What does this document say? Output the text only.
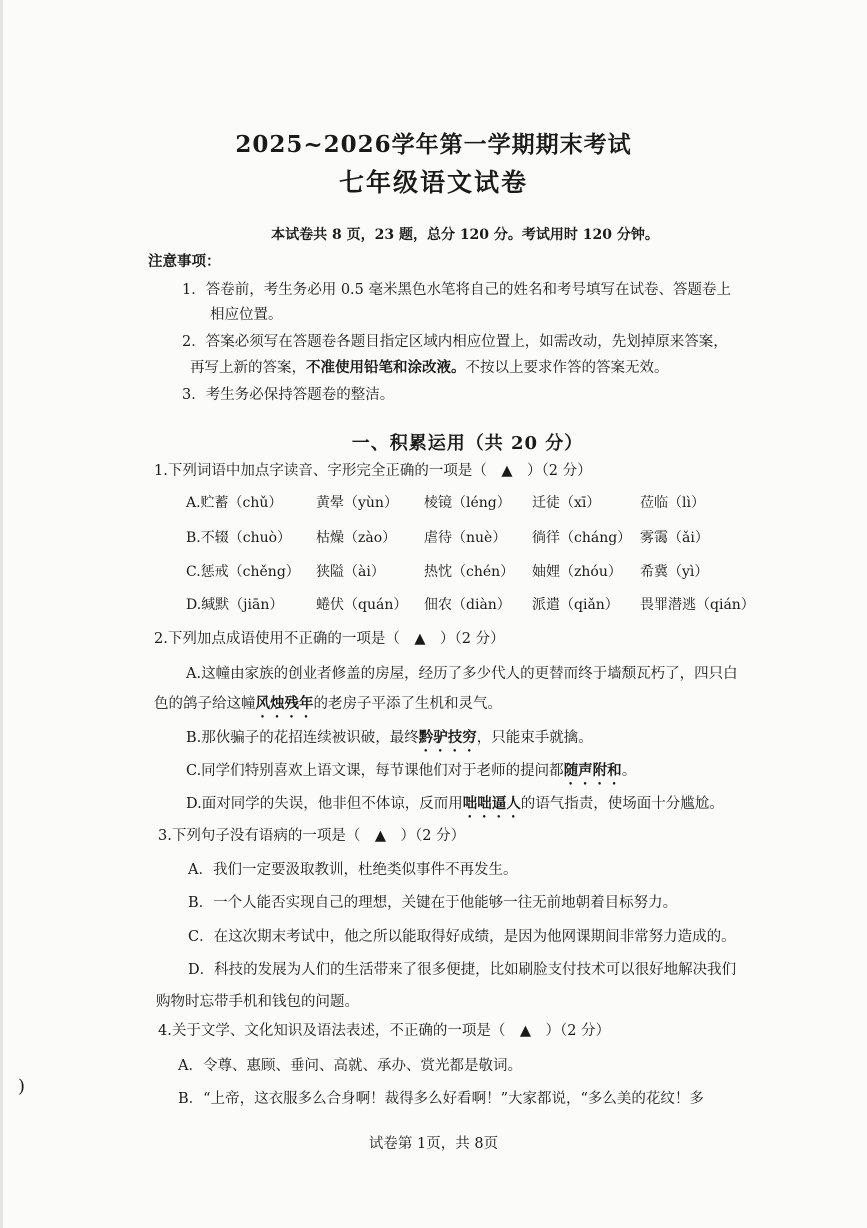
2025~2026学年第一学期期末考试
七年级语文试卷
本试卷共 8 页，23 题，总分 120 分。考试用时 120 分钟。
注意事项：
1．答卷前，考生务必用 0.5 毫米黑色水笔将自己的姓名和考号填写在试卷、答题卷上
相应位置。
2．答案必须写在答题卷各题目指定区域内相应位置上，如需改动，先划掉原来答案，
再写上新的答案，不准使用铅笔和涂改液。不按以上要求作答的答案无效。
3．考生务必保持答题卷的整洁。
一、积累运用（共 20 分）
1.下列词语中加点字读音、字形完全正确的一项是（　▲　）（2 分）
A.贮蓄（chǔ） 黄晕（yùn） 棱镜（léng） 迁徒（xī）	莅临（lì）
B.不辍（chuò） 枯燥（zào） 虐待（nuè） 徜徉（cháng） 雾霭（ǎi）
C.惩戒（chěng） 狭隘（ài）	热忱（chén） 妯娌（zhóu） 希冀（yì）
D.缄默（jiān） 蜷伏（quán） 佃农（diàn） 派遣（qiǎn） 畏罪潜逃（qián）
2.下列加点成语使用不正确的一项是（　▲　）（2 分）
A.这幢由家族的创业者修盖的房屋，经历了多少代人的更替而终于墙颓瓦朽了，四只白
色的鸽子给这幢风烛残年的老房子平添了生机和灵气。
B.那伙骗子的花招连续被识破，最终黔驴技穷，只能束手就擒。
C.同学们特别喜欢上语文课，每节课他们对于老师的提问都随声附和。
D.面对同学的失误，他非但不体谅，反而用咄咄逼人的语气指责，使场面十分尴尬。
3.下列句子没有语病的一项是（　▲　）（2 分）
A．我们一定要汲取教训，杜绝类似事件不再发生。
B．一个人能否实现自己的理想，关键在于他能够一往无前地朝着目标努力。
C．在这次期末考试中，他之所以能取得好成绩，是因为他网课期间非常努力造成的。
D．科技的发展为人们的生活带来了很多便捷，比如刷脸支付技术可以很好地解决我们
购物时忘带手机和钱包的问题。
4.关于文学、文化知识及语法表述，不正确的一项是（　▲　）（2 分）
A．令尊、惠顾、垂问、高就、承办、赏光都是敬词。
B．“上帝，这衣服多么合身啊！裁得多么好看啊！”大家都说，“多么美的花纹！多
)
试卷第 1页，共 8页
